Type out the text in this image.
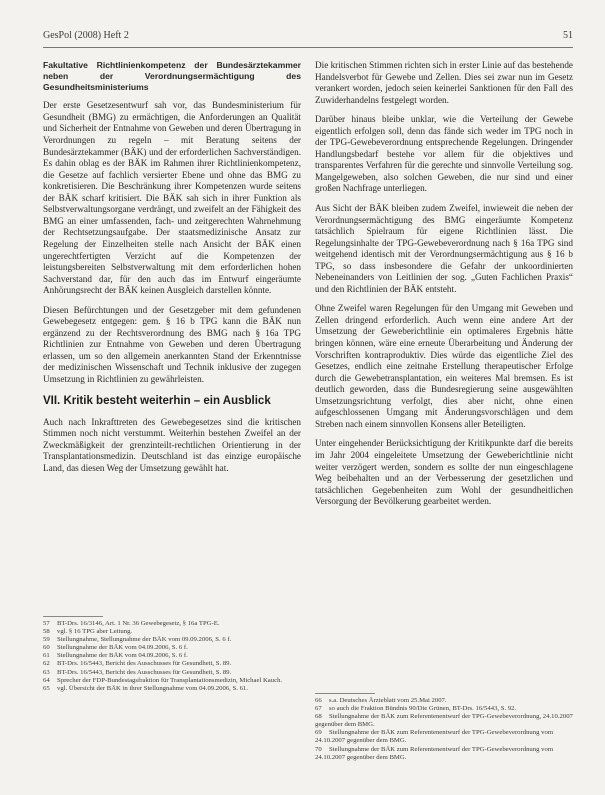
GesPol (2008) Heft 2	51
Fakultative Richtlinienkompetenz der Bundesärztekammer neben der Verordnungsermächtigung des Gesundheitsministeriums

Der erste Gesetzesentwurf sah vor, das Bundesministerium für Gesundheit (BMG) zu ermächtigen, die Anforderungen an Qualität und Sicherheit der Entnahme von Geweben und deren Übertragung in Verordnungen zu regeln – mit Beratung seitens der Bundesärztekammer (BÄK) und der erforderlichen Sachverständigen. Es dahin oblag es der BÄK im Rahmen ihrer Richtlinienkompetenz, die Gesetze auf fachlich versierter Ebene und ohne das BMG zu konkretisieren. Die Beschränkung ihrer Kompetenzen wurde seitens der BÄK scharf kritisiert. Die BÄK sah sich in ihrer Funktion als Selbstverwaltungsorgane verdrängt, und zweifelt an der Fähigkeit des BMG an einer umfassenden, fach- und zeitgerechten Wahrnehmung der Rechtsetzungsaufgabe. Der staatsmedizinische Ansatz zur Regelung der Einzelheiten stelle nach Ansicht der BÄK einen ungerechtfertigten Verzicht auf die Kompetenzen der leistungsbereiten Selbstverwaltung mit dem erforderlichen hohen Sachverstand dar, für den auch das im Entwurf eingeräumte Anhörungsrecht der BÄK keinen Ausgleich darstellen könnte.

Diesen Befürchtungen und der Gesetzgeber mit dem gefundenen Gewebegesetz entgegen: gem. § 16 b TPG kann die BÄK nun ergänzend zu der Rechtsverordnung des BMG nach § 16a TPG Richtlinien zur Entnahme von Geweben und deren Übertragung erlassen, um so den allgemein anerkannten Stand der Erkenntnisse der medizinischen Wissenschaft und Technik inklusive der zugegen Umsetzung in Richtlinien zu gewährleisten.

VII. Kritik besteht weiterhin – ein Ausblick

Auch nach Inkrafttreten des Gewebegesetzes sind die kritischen Stimmen noch nicht verstummt. Weiterhin bestehen Zweifel an der Zweckmäßigkeit der grenzinteilt-rechtlichen Orientierung in der Transplantationsmedizin. Deutschland ist das einzige europäische Land, das diesen Weg der Umsetzung gewählt hat.

Die kritischen Stimmen richten sich in erster Linie auf das bestehende Handelsverbot für Gewebe und Zellen. Dies sei zwar nun im Gesetz verankert worden, jedoch seien keinerlei Sanktionen für den Fall des Zuwiderhandelns festgelegt worden.

Darüber hinaus bleibe unklar, wie die Verteilung der Gewebe eigentlich erfolgen soll, denn das fände sich weder im TPG noch in der TPG-Gewebeverordnung entsprechende Regelungen. Dringender Handlungsbedarf bestehe vor allem für die objektives und transparentes Verfahren für die gerechte und sinnvolle Verteilung sog. Mangelgeweben, also solchen Geweben, die nur sind und einer großen Nachfrage unterliegen.

Aus Sicht der BÄK bleiben zudem Zweifel, inwieweit die neben der Verordnungsermächtigung des BMG eingeräumte Kompetenz tatsächlich Spielraum für eigene Richtlinien lässt. Die Regelungsinhalte der TPG-Gewebeverordnung nach § 16a TPG sind weitgehend identisch mit der Verordnungsermächtigung aus § 16 b TPG, so dass insbesondere die Gefahr der unkoordinierten Nebeneinanders von Leitlinien der sog. „Guten Fachlichen Praxis“ und den Richtlinien der BÄK entsteht.

Ohne Zweifel waren Regelungen für den Umgang mit Geweben und Zellen dringend erforderlich. Auch wenn eine andere Art der Umsetzung der Geweberichtlinie ein optimaleres Ergebnis hätte bringen können, wäre eine erneute Überarbeitung und Änderung der Vorschriften kontraproduktiv. Dies würde das eigentliche Ziel des Gesetzes, endlich eine zeitnahe Erstellung therapeutischer Erfolge durch die Gewebetransplantation, ein weiteres Mal bremsen. Es ist deutlich geworden, dass die Bundesregierung seine ausgewählten Umsetzungsrichtung verfolgt, dies aber nicht, ohne einen aufgeschlossenen Umgang mit Änderungsvorschlägen und dem Streben nach einem sinnvollen Konsens aller Beteiligten.

Unter eingehender Berücksichtigung der Kritikpunkte darf die bereits im Jahr 2004 eingeleitete Umsetzung der Geweberichtlinie nicht weiter verzögert werden, sondern es sollte der nun eingeschlagene Weg beibehalten und an der Verbesserung der gesetzlichen und tatsächlichen Gegebenheiten zum Wohl der gesundheitlichen Versorgung der Bevölkerung gearbeitet werden.

57 BT-Drs. 16/3146, Art. 1 Nr. 36 Gewebegesetz, § 16a TPG-E.
58 vgl. § 16 TPG aber Leitung.
59 Stellungnahme, Stellungnahme der BÄK vom 09.09.2006, S. 6 f.
60 Stellungnahme der BÄK vom 04.09.2006, S. 6 f.
61 Stellungnahme der BÄK vom 04.09.2006, S. 6 f.
62 BT-Drs. 16/5443, Bericht des Ausschusses für Gesundheit, S. 89.
63 BT-Drs. 16/5443, Bericht des Ausschusses für Gesundheit, S. 89.
64 Sprecher der FDP-Bundestagsfraktion für Transplantationsmedizin, Michael Kauch.
65 vgl. Übersicht der BÄK in ihrer Stellungnahme vom 04.09.2006, S. 61.
66 s.a. Deutsches Ärzteblatt vom 25.Mai 2007.
67 so auch die Fraktion Bündnis 90/Die Grünen, BT-Drs. 16/5443, S. 92.
68 Stellungnahme der BÄK zum Referentenentwurf der TPG-Gewebeverordnung, 24.10.2007 gegenüber dem BMG.
69 Stellungnahme der BÄK zum Referentenentwurf der TPG-Gewebeverordnung vom 24.10.2007 gegenüber dem BMG.
70 Stellungnahme der BÄK zum Referentenentwurf der TPG-Gewebeverordnung vom 24.10.2007 gegenüber dem BMG.
